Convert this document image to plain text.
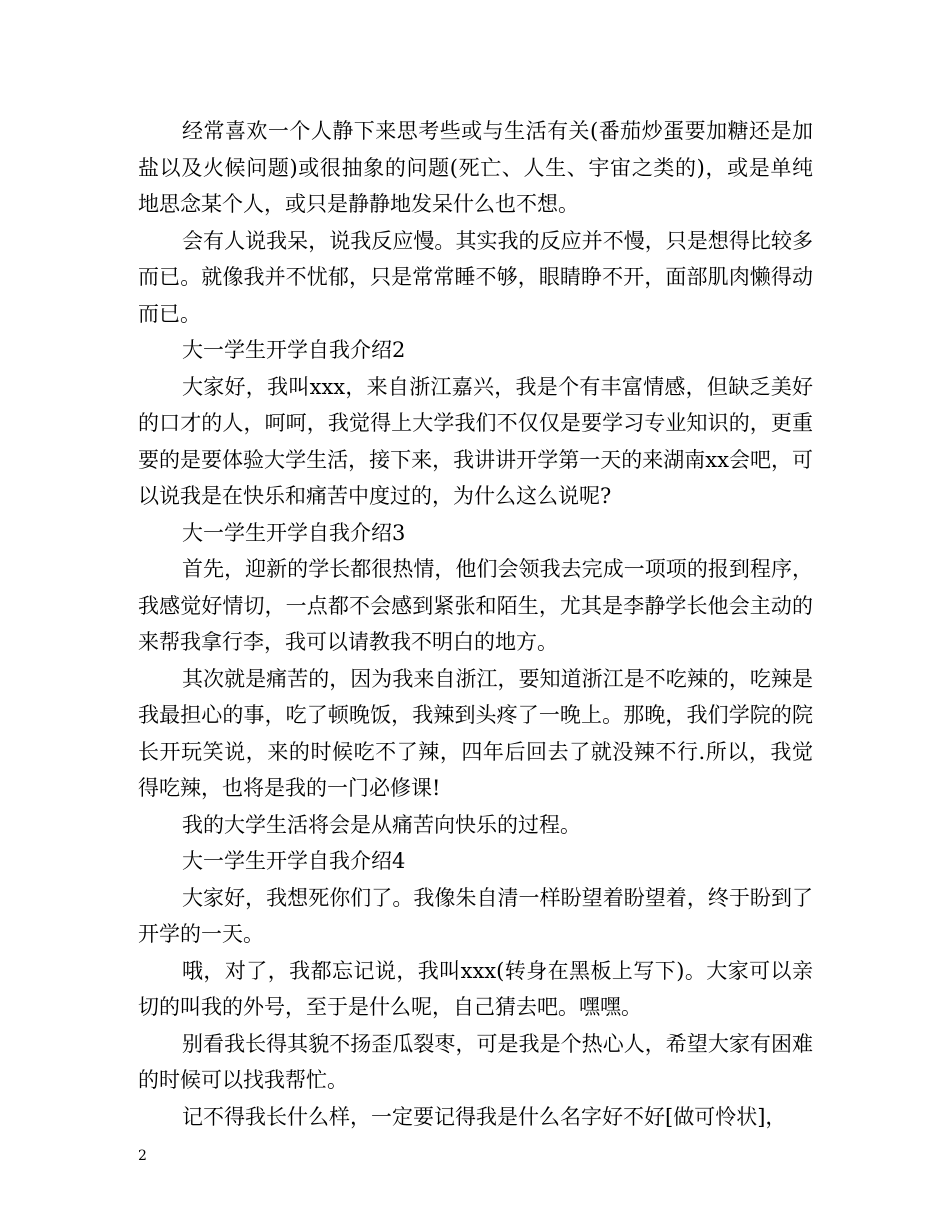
经常喜欢一个人静下来思考些或与生活有关(番茄炒蛋要加糖还是加盐以及火候问题)或很抽象的问题(死亡、人生、宇宙之类的)，或是单纯地思念某个人，或只是静静地发呆什么也不想。

会有人说我呆，说我反应慢。其实我的反应并不慢，只是想得比较多而已。就像我并不忧郁，只是常常睡不够，眼睛睁不开，面部肌肉懒得动而已。

大一学生开学自我介绍2

大家好，我叫xxx，来自浙江嘉兴，我是个有丰富情感，但缺乏美好的口才的人，呵呵，我觉得上大学我们不仅仅是要学习专业知识的，更重要的是要体验大学生活，接下来，我讲讲开学第一天的来湖南xx会吧，可以说我是在快乐和痛苦中度过的，为什么这么说呢?

大一学生开学自我介绍3

首先，迎新的学长都很热情，他们会领我去完成一项项的报到程序，我感觉好情切，一点都不会感到紧张和陌生，尤其是李静学长他会主动的来帮我拿行李，我可以请教我不明白的地方。

其次就是痛苦的，因为我来自浙江，要知道浙江是不吃辣的，吃辣是我最担心的事，吃了顿晚饭，我辣到头疼了一晚上。那晚，我们学院的院长开玩笑说，来的时候吃不了辣，四年后回去了就没辣不行.所以，我觉得吃辣，也将是我的一门必修课!

我的大学生活将会是从痛苦向快乐的过程。

大一学生开学自我介绍4

大家好，我想死你们了。我像朱自清一样盼望着盼望着，终于盼到了开学的一天。

哦，对了，我都忘记说，我叫xxx(转身在黑板上写下)。大家可以亲切的叫我的外号，至于是什么呢，自己猜去吧。嘿嘿。

别看我长得其貌不扬歪瓜裂枣，可是我是个热心人，希望大家有困难的时候可以找我帮忙。

记不得我长什么样，一定要记得我是什么名字好不好[做可怜状]，

2
